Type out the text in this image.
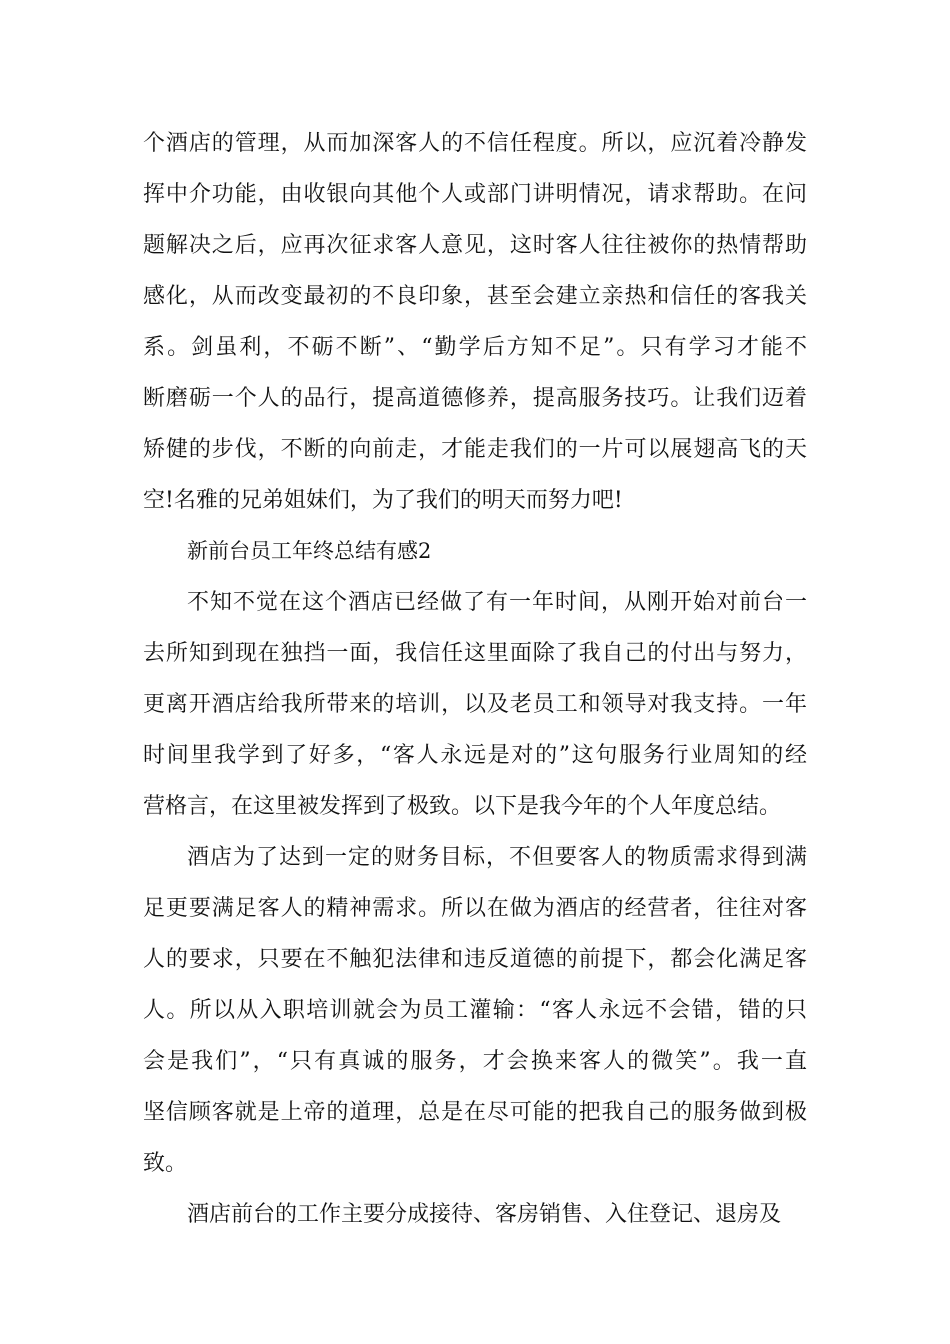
个酒店的管理，从而加深客人的不信任程度。所以，应沉着冷静发
挥中介功能，由收银向其他个人或部门讲明情况，请求帮助。在问
题解决之后，应再次征求客人意见，这时客人往往被你的热情帮助
感化，从而改变最初的不良印象，甚至会建立亲热和信任的客我关
系。剑虽利，不砺不断”、“勤学后方知不足”。只有学习才能不
断磨砺一个人的品行，提高道德修养，提高服务技巧。让我们迈着
矫健的步伐，不断的向前走，才能走我们的一片可以展翅高飞的天
空!名雅的兄弟姐妹们，为了我们的明天而努力吧!
新前台员工年终总结有感2
不知不觉在这个酒店已经做了有一年时间，从刚开始对前台一
去所知到现在独挡一面，我信任这里面除了我自己的付出与努力，
更离开酒店给我所带来的培训，以及老员工和领导对我支持。一年
时间里我学到了好多，“客人永远是对的”这句服务行业周知的经
营格言，在这里被发挥到了极致。以下是我今年的个人年度总结。
酒店为了达到一定的财务目标，不但要客人的物质需求得到满
足更要满足客人的精神需求。所以在做为酒店的经营者，往往对客
人的要求，只要在不触犯法律和违反道德的前提下，都会化满足客
人。所以从入职培训就会为员工灌输：“客人永远不会错，错的只
会是我们”，“只有真诚的服务，才会换来客人的微笑”。我一直
坚信顾客就是上帝的道理，总是在尽可能的把我自己的服务做到极
致。
酒店前台的工作主要分成接待、客房销售、入住登记、退房及
